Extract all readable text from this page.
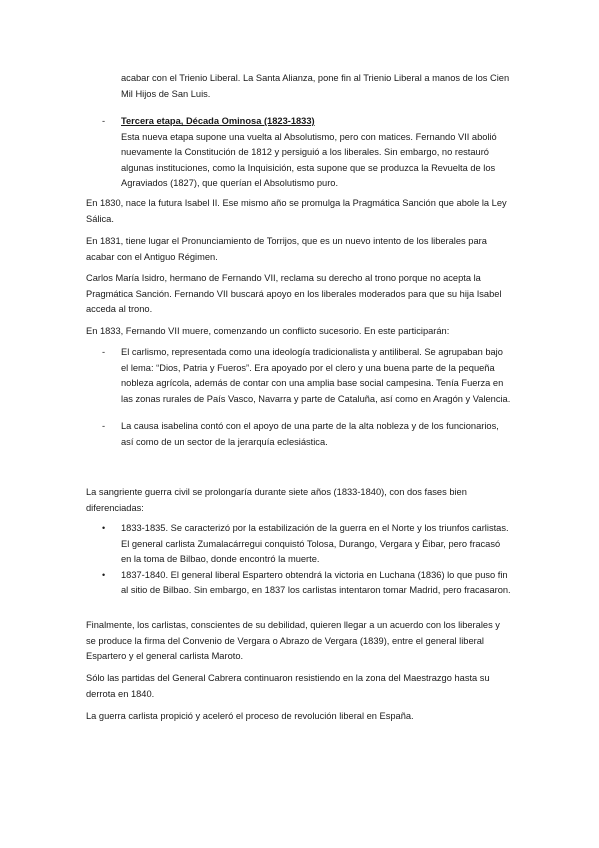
acabar con el Trienio Liberal. La Santa Alianza, pone fin al Trienio Liberal a manos de los Cien Mil Hijos de San Luis.

- Tercera etapa, Década Ominosa (1823-1833)

Esta nueva etapa supone una vuelta al Absolutismo, pero con matices. Fernando VII abolió nuevamente la Constitución de 1812 y persiguió a los liberales. Sin embargo, no restauró algunas instituciones, como la Inquisición, esta supone que se produzca la Revuelta de los Agraviados (1827), que querían el Absolutismo puro.

En 1830, nace la futura Isabel II. Ese mismo año se promulga la Pragmática Sanción que abole la Ley Sálica.

En 1831, tiene lugar el Pronunciamiento de Torrijos, que es un nuevo intento de los liberales para acabar con el Antiguo Régimen.

Carlos María Isidro, hermano de Fernando VII, reclama su derecho al trono porque no acepta la Pragmática Sanción. Fernando VII buscará apoyo en los liberales moderados para que su hija Isabel acceda al trono.

En 1833, Fernando VII muere, comenzando un conflicto sucesorio. En este participarán:

- El carlismo, representada como una ideología tradicionalista y antiliberal. Se agrupaban bajo el lema: “Dios, Patria y Fueros”. Era apoyado por el clero y una buena parte de la pequeña nobleza agrícola, además de contar con una amplia base social campesina. Tenía Fuerza en las zonas rurales de País Vasco, Navarra y parte de Cataluña, así como en Aragón y Valencia.

- La causa isabelina contó con el apoyo de una parte de la alta nobleza y de los funcionarios, así como de un sector de la jerarquía eclesiástica.

La sangriente guerra civil se prolongaría durante siete años (1833-1840), con dos fases bien diferenciadas:

• 1833-1835. Se caracterizó por la estabilización de la guerra en el Norte y los triunfos carlistas. El general carlista Zumalacárregui conquistó Tolosa, Durango, Vergara y Éibar, pero fracasó en la toma de Bilbao, donde encontró la muerte.

• 1837-1840. El general liberal Espartero obtendrá la victoria en Luchana (1836) lo que puso fin al sitio de Bilbao. Sin embargo, en 1837 los carlistas intentaron tomar Madrid, pero fracasaron.

Finalmente, los carlistas, conscientes de su debilidad, quieren llegar a un acuerdo con los liberales y se produce la firma del Convenio de Vergara o Abrazo de Vergara (1839), entre el general liberal Espartero y el general carlista Maroto.

Sólo las partidas del General Cabrera continuaron resistiendo en la zona del Maestrazgo hasta su derrota en 1840.

La guerra carlista propició y aceleró el proceso de revolución liberal en España.
